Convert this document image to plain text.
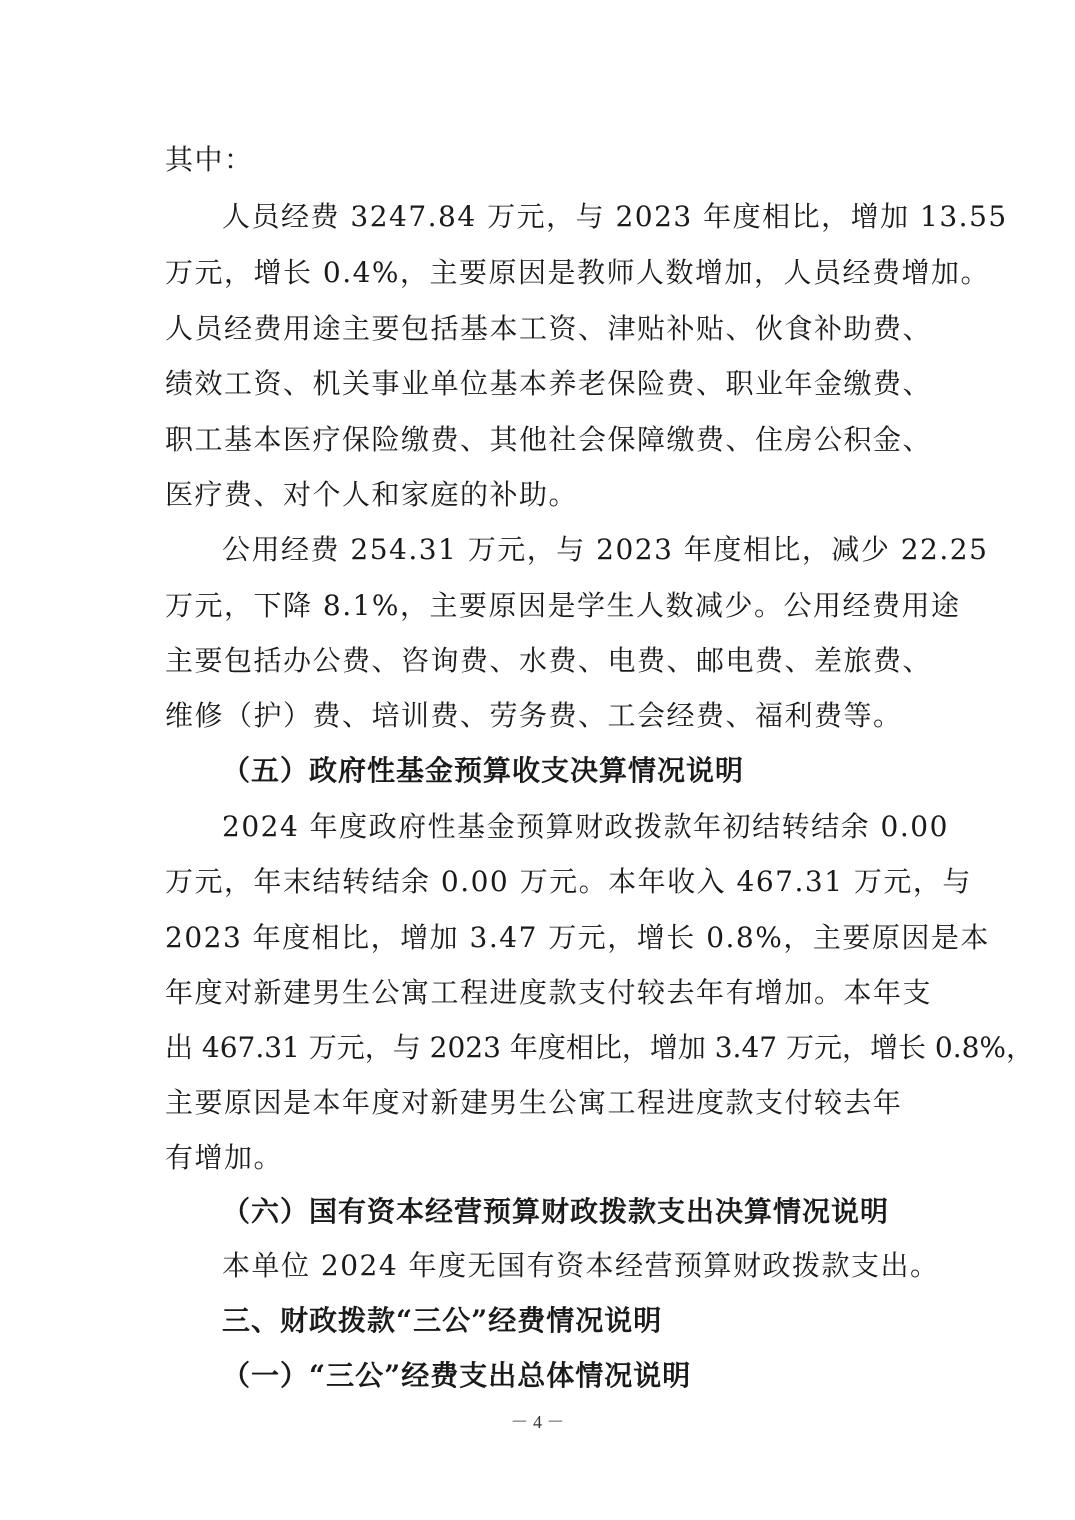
其中：
人员经费 3247.84 万元，与 2023 年度相比，增加 13.55
万元，增长 0.4%，主要原因是教师人数增加，人员经费增加。
人员经费用途主要包括基本工资、津贴补贴、伙食补助费、
绩效工资、机关事业单位基本养老保险费、职业年金缴费、
职工基本医疗保险缴费、其他社会保障缴费、住房公积金、
医疗费、对个人和家庭的补助。
公用经费 254.31 万元，与 2023 年度相比，减少 22.25
万元，下降 8.1%，主要原因是学生人数减少。公用经费用途
主要包括办公费、咨询费、水费、电费、邮电费、差旅费、
维修（护）费、培训费、劳务费、工会经费、福利费等。
（五）政府性基金预算收支决算情况说明
2024 年度政府性基金预算财政拨款年初结转结余 0.00
万元，年末结转结余 0.00 万元。本年收入 467.31 万元，与
2023 年度相比，增加 3.47 万元，增长 0.8%，主要原因是本
年度对新建男生公寓工程进度款支付较去年有增加。本年支
出 467.31 万元，与 2023 年度相比，增加 3.47 万元，增长 0.8%，
主要原因是本年度对新建男生公寓工程进度款支付较去年
有增加。
（六）国有资本经营预算财政拨款支出决算情况说明
本单位 2024 年度无国有资本经营预算财政拨款支出。
三、财政拨款“三公”经费情况说明
（一）“三公”经费支出总体情况说明
－ 4 －
